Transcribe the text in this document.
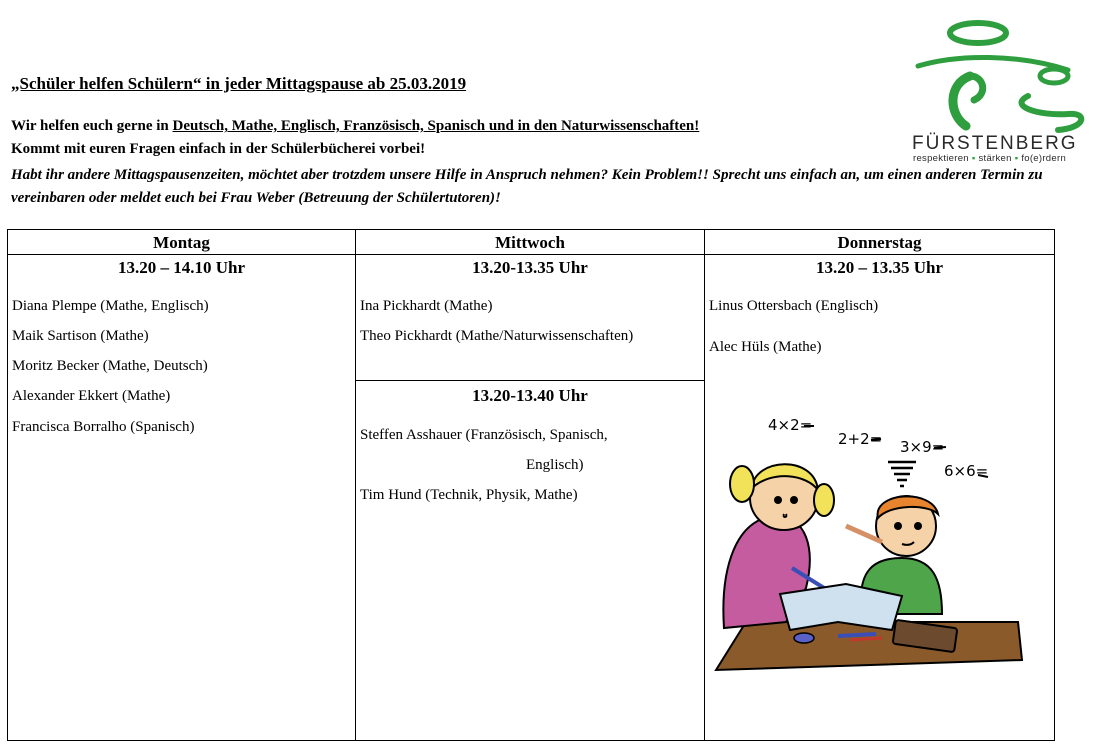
„Schüler helfen Schülern“ in jeder Mittagspause ab 25.03.2019
Wir helfen euch gerne in Deutsch, Mathe, Englisch, Französisch, Spanisch und in den Naturwissenschaften!
Kommt mit euren Fragen einfach in der Schülerbücherei vorbei!
Habt ihr andere Mittagspausenzeiten, möchtet aber trotzdem unsere Hilfe in Anspruch nehmen? Kein Problem!! Sprecht uns einfach an, um einen anderen Termin zu vereinbaren oder meldet euch bei Frau Weber (Betreuung der Schülertutoren)!
FÜRSTENBERG
respektieren ▪ stärken ▪ fo(e)rdern
Montag
13.20 – 14.10 Uhr
Diana Plempe (Mathe, Englisch)
Maik Sartison (Mathe)
Moritz Becker (Mathe, Deutsch)
Alexander Ekkert (Mathe)
Francisca Borralho (Spanisch)
Mittwoch
13.20-13.35 Uhr
Ina Pickhardt (Mathe)
Theo Pickhardt (Mathe/Naturwissenschaften)
13.20-13.40 Uhr
Steffen Asshauer (Französisch, Spanisch,
Englisch)
Tim Hund (Technik, Physik, Mathe)
Donnerstag
13.20 – 13.35 Uhr
Linus Ottersbach (Englisch)
Alec Hüls (Mathe)
4×2=
2+2= 3×9=
6×6=
